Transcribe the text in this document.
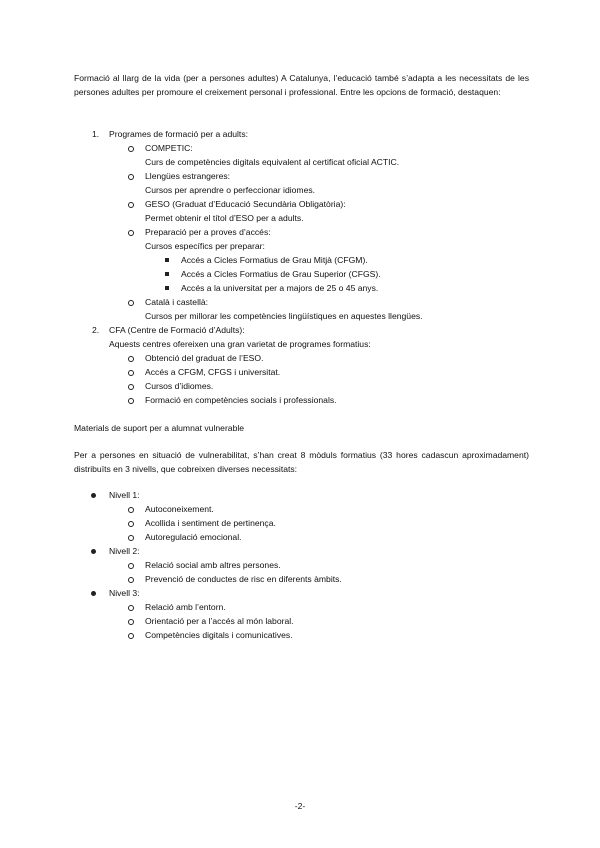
Formació al llarg de la vida (per a persones adultes) A Catalunya, l’educació també s’adapta a les necessitats de les persones adultes per promoure el creixement personal i professional. Entre les opcions de formació, destaquen:
1. Programes de formació per a adults:
COMPETIC:
Curs de competències digitals equivalent al certificat oficial ACTIC.
Llengües estrangeres:
Cursos per aprendre o perfeccionar idiomes.
GESO (Graduat d’Educació Secundària Obligatòria):
Permet obtenir el títol d’ESO per a adults.
Preparació per a proves d’accés:
Cursos específics per preparar:
Accés a Cicles Formatius de Grau Mitjà (CFGM).
Accés a Cicles Formatius de Grau Superior (CFGS).
Accés a la universitat per a majors de 25 o 45 anys.
Català i castellà:
Cursos per millorar les competències lingüístiques en aquestes llengües.
2. CFA (Centre de Formació d’Adults):
Aquests centres ofereixen una gran varietat de programes formatius:
Obtenció del graduat de l’ESO.
Accés a CFGM, CFGS i universitat.
Cursos d’idiomes.
Formació en competències socials i professionals.
Materials de suport per a alumnat vulnerable
Per a persones en situació de vulnerabilitat, s’han creat 8 mòduls formatius (33 hores cadascun aproximadament) distribuïts en 3 nivells, que cobreixen diverses necessitats:
Nivell 1:
Autoconeixement.
Acollida i sentiment de pertinença.
Autoregulació emocional.
Nivell 2:
Relació social amb altres persones.
Prevenció de conductes de risc en diferents àmbits.
Nivell 3:
Relació amb l’entorn.
Orientació per a l’accés al món laboral.
Competències digitals i comunicatives.
-2-
